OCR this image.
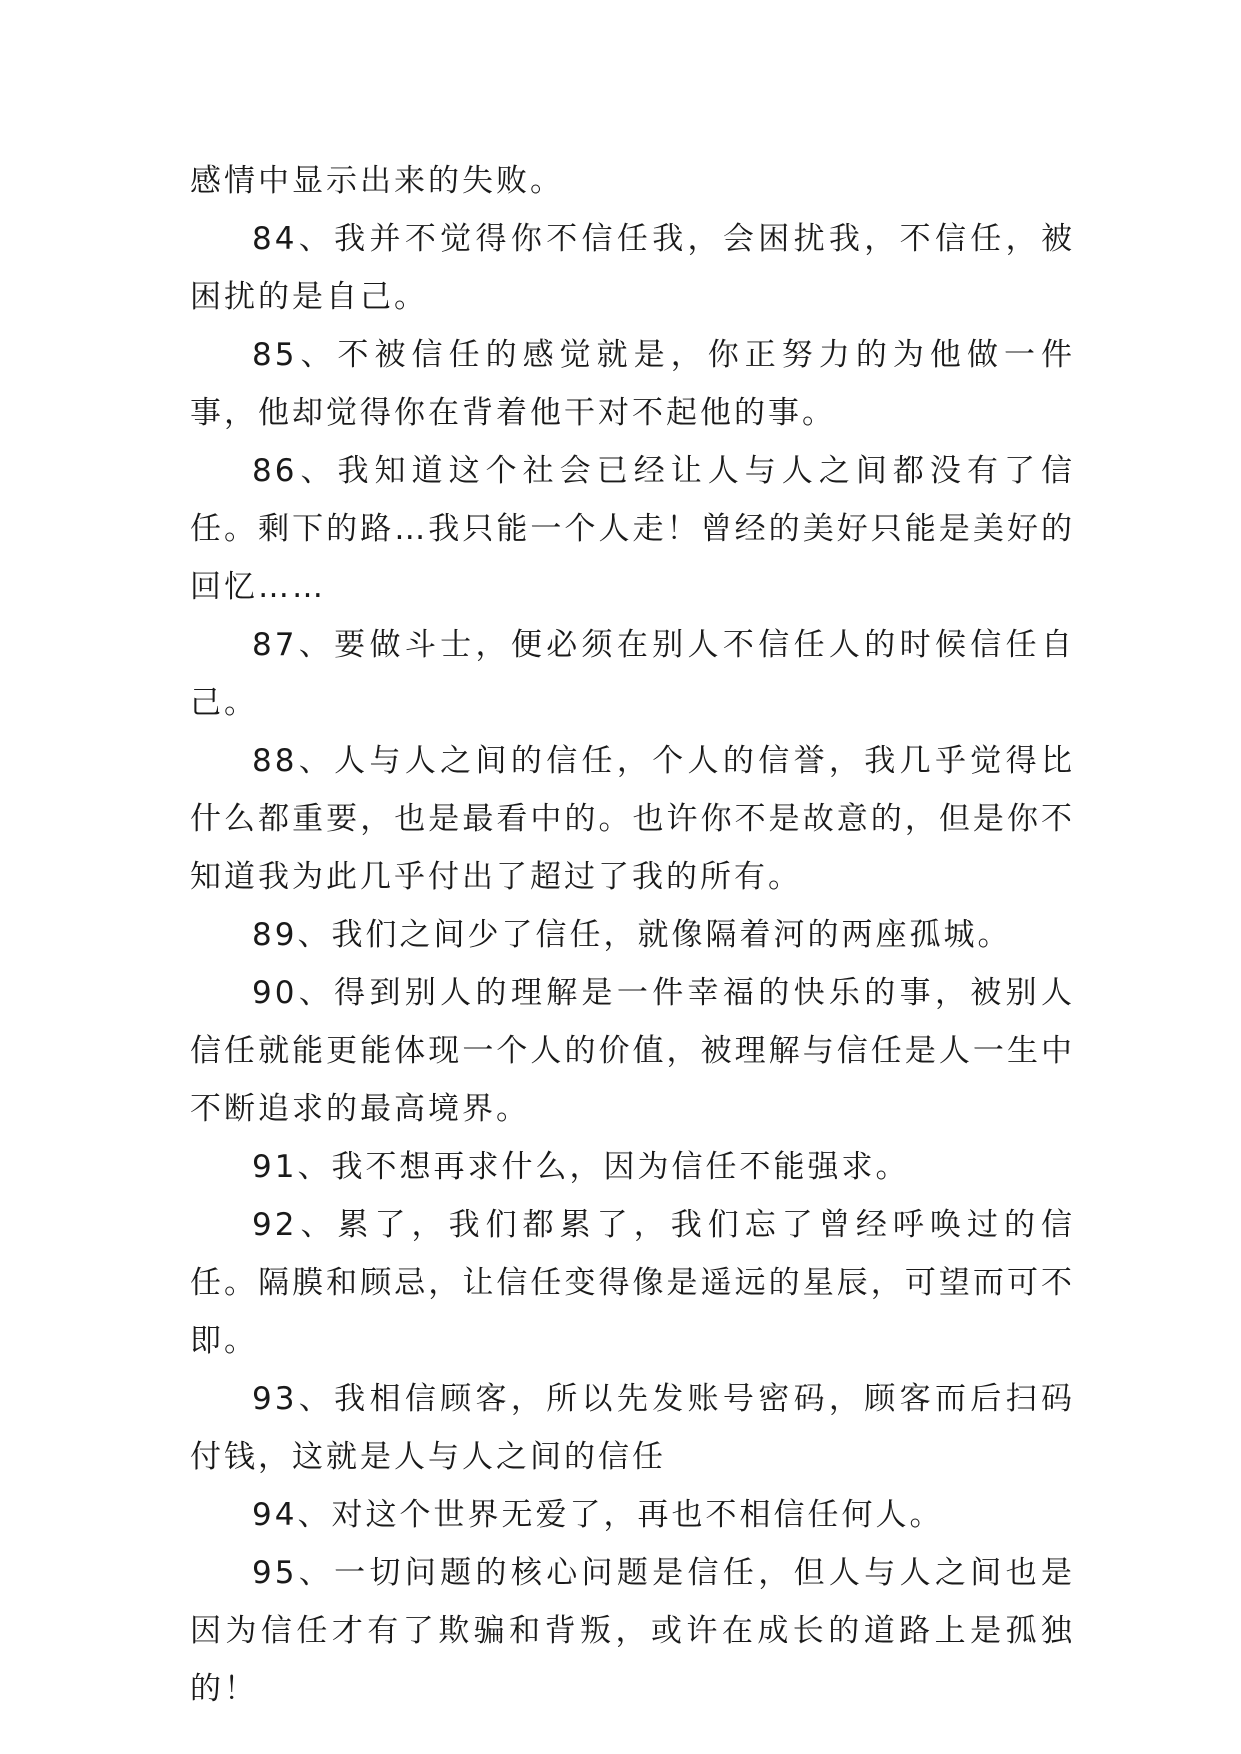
感情中显示出来的失败。

84、我并不觉得你不信任我，会困扰我，不信任，被困扰的是自己。

85、不被信任的感觉就是，你正努力的为他做一件事，他却觉得你在背着他干对不起他的事。

86、我知道这个社会已经让人与人之间都没有了信任。剩下的路…我只能一个人走！曾经的美好只能是美好的回忆……

87、要做斗士，便必须在别人不信任人的时候信任自己。

88、人与人之间的信任，个人的信誉，我几乎觉得比什么都重要，也是最看中的。也许你不是故意的，但是你不知道我为此几乎付出了超过了我的所有。

89、我们之间少了信任，就像隔着河的两座孤城。

90、得到别人的理解是一件幸福的快乐的事，被别人信任就能更能体现一个人的价值，被理解与信任是人一生中不断追求的最高境界。

91、我不想再求什么，因为信任不能强求。

92、累了，我们都累了，我们忘了曾经呼唤过的信任。隔膜和顾忌，让信任变得像是遥远的星辰，可望而可不即。

93、我相信顾客，所以先发账号密码，顾客而后扫码付钱，这就是人与人之间的信任

94、对这个世界无爱了，再也不相信任何人。

95、一切问题的核心问题是信任，但人与人之间也是因为信任才有了欺骗和背叛，或许在成长的道路上是孤独的！
